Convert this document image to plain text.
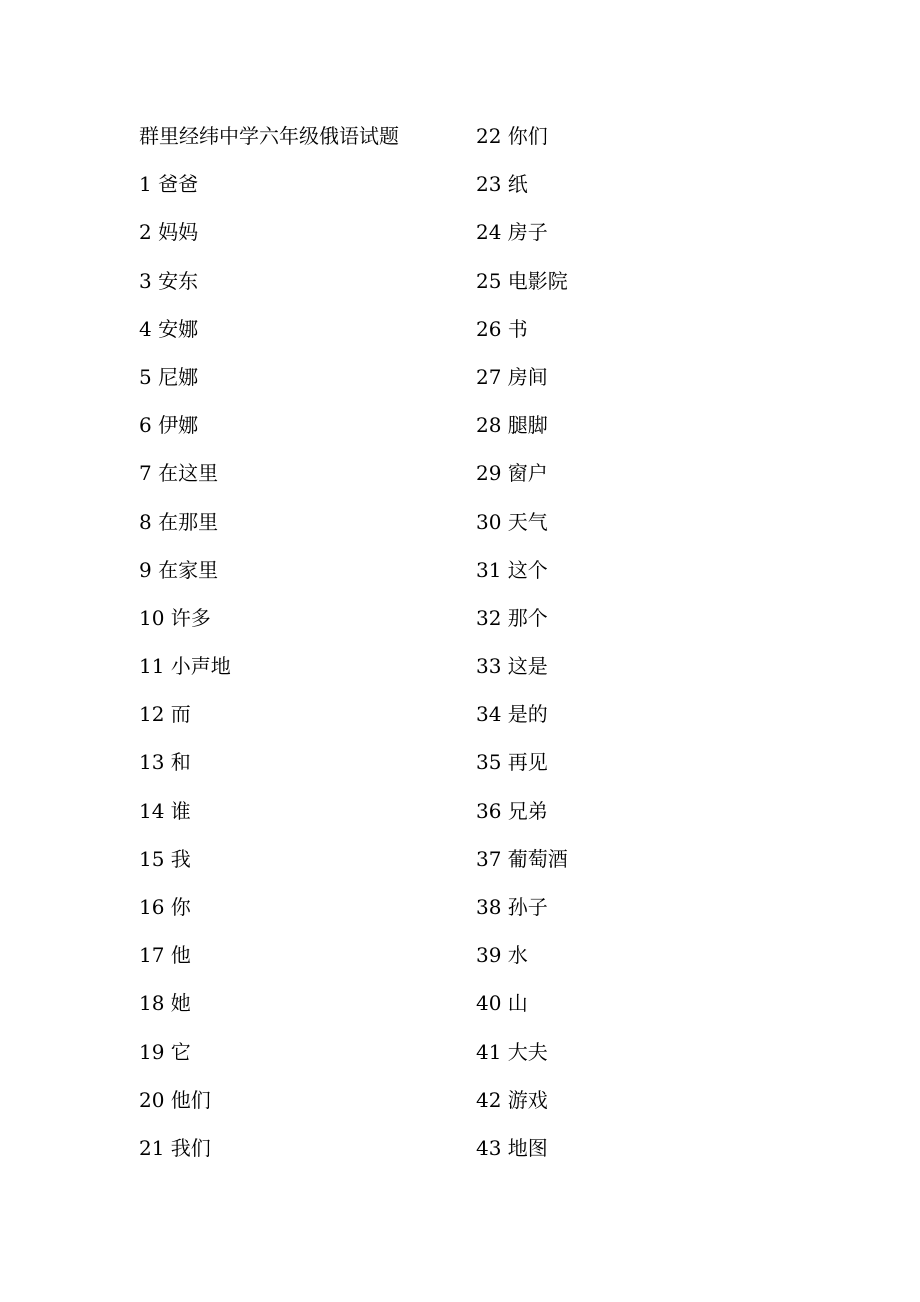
群里经纬中学六年级俄语试题
1 爸爸
2 妈妈
3 安东
4 安娜
5 尼娜
6 伊娜
7 在这里
8 在那里
9 在家里
10 许多
11 小声地
12 而
13 和
14 谁
15 我
16 你
17 他
18 她
19 它
20 他们
21 我们
22 你们
23 纸
24 房子
25 电影院
26 书
27 房间
28 腿脚
29 窗户
30 天气
31 这个
32 那个
33 这是
34 是的
35 再见
36 兄弟
37 葡萄酒
38 孙子
39 水
40 山
41 大夫
42 游戏
43 地图
